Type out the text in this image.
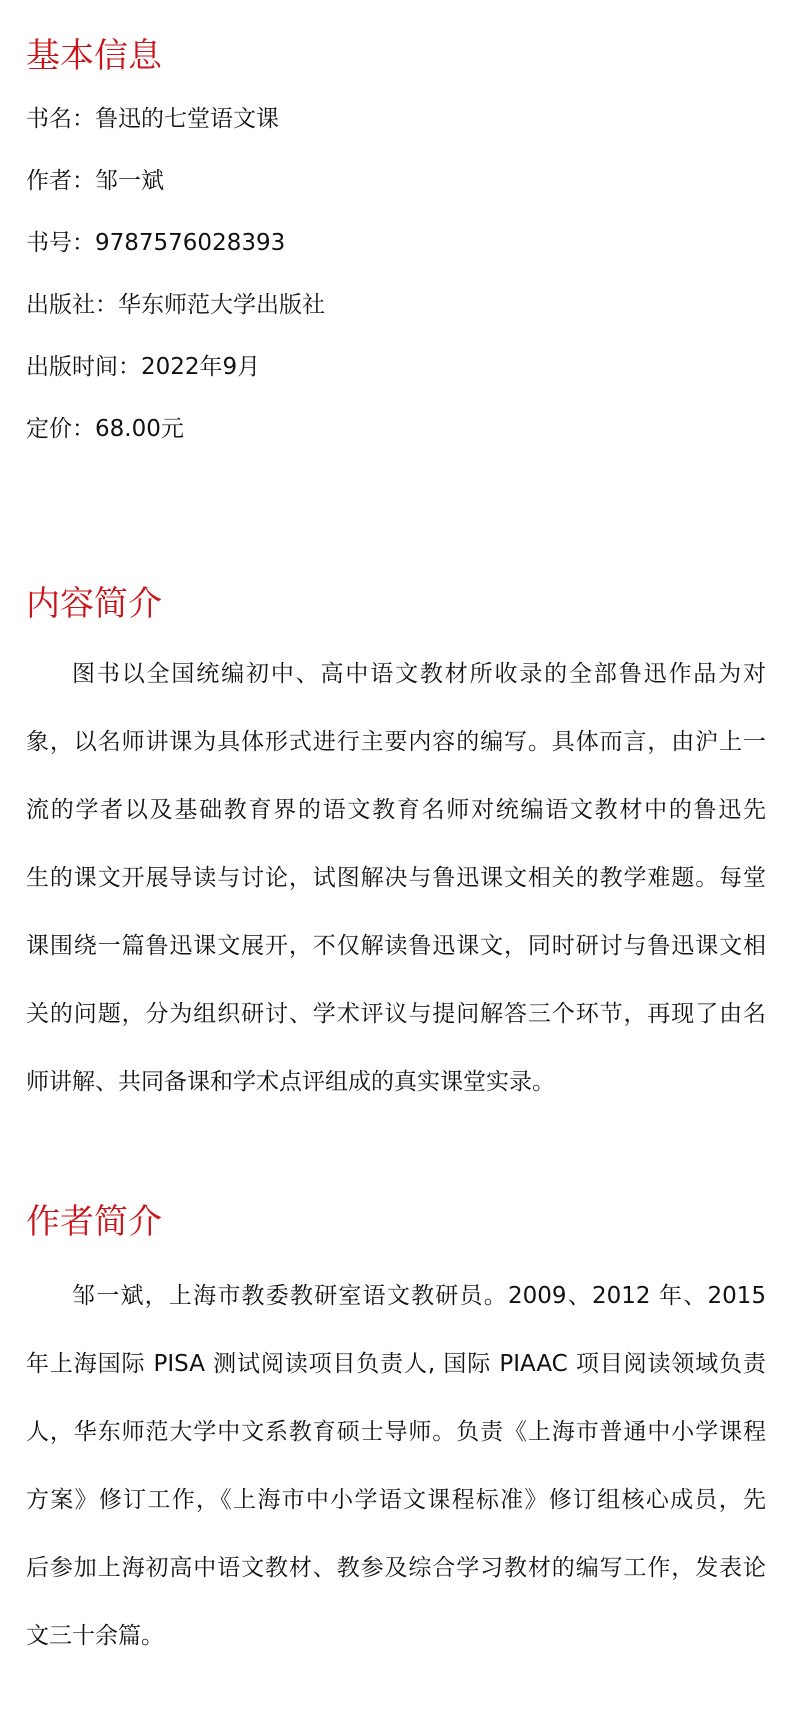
基本信息

书名：鲁迅的七堂语文课

作者：邹一斌

书号：9787576028393

出版社：华东师范大学出版社

出版时间：2022年9月

定价：68.00元

内容简介
图书以全国统编初中、高中语文教材所收录的全部鲁迅作品为对
象，以名师讲课为具体形式进行主要内容的编写。具体而言，由沪上一
流的学者以及基础教育界的语文教育名师对统编语文教材中的鲁迅先
生的课文开展导读与讨论，试图解决与鲁迅课文相关的教学难题。每堂
课围绕一篇鲁迅课文展开，不仅解读鲁迅课文，同时研讨与鲁迅课文相
关的问题，分为组织研讨、学术评议与提问解答三个环节，再现了由名
师讲解、共同备课和学术点评组成的真实课堂实录。
作者简介
邹一斌，上海市教委教研室语文教研员。2009、2012 年、2015
年上海国际 PISA 测试阅读项目负责人, 国际 PIAAC 项目阅读领域负责
人，华东师范大学中文系教育硕士导师。负责《上海市普通中小学课程
方案》修订工作，《上海市中小学语文课程标准》修订组核心成员，先
后参加上海初高中语文教材、教参及综合学习教材的编写工作，发表论
文三十余篇。
